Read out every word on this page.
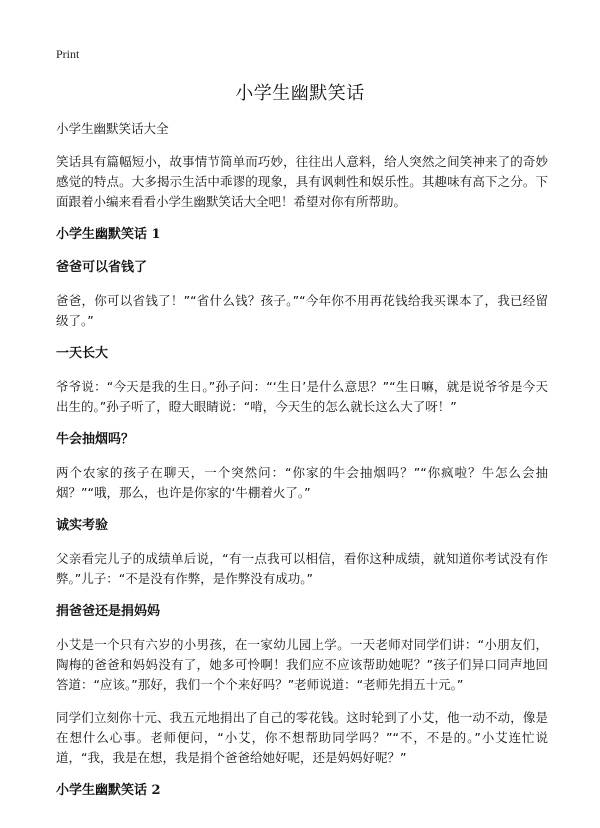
Print
小学生幽默笑话

小学生幽默笑话大全

笑话具有篇幅短小，故事情节简单而巧妙，往往出人意料，给人突然之间笑神来了的奇妙感觉的特点。大多揭示生活中乖谬的现象，具有讽刺性和娱乐性。其趣味有高下之分。下面跟着小编来看看小学生幽默笑话大全吧！希望对你有所帮助。

小学生幽默笑话 1

爸爸可以省钱了

爸爸，你可以省钱了！”“省什么钱？孩子。”“今年你不用再花钱给我买课本了，我已经留级了。”

一天长大

爷爷说：“今天是我的生日。”孙子问：“‘生日’是什么意思？”“生日嘛，就是说爷爷是今天出生的。”孙子听了，瞪大眼睛说：“啃，今天生的怎么就长这么大了呀！”

牛会抽烟吗？

两个农家的孩子在聊天，一个突然问：“你家的牛会抽烟吗？”“你疯啦？牛怎么会抽烟？”“哦，那么，也许是你家的‘牛棚着火了。”

诚实考验

父亲看完儿子的成绩单后说，“有一点我可以相信，看你这种成绩，就知道你考试没有作弊。”儿子：“不是没有作弊，是作弊没有成功。”

捐爸爸还是捐妈妈

小艾是一个只有六岁的小男孩，在一家幼儿园上学。一天老师对同学们讲：“小朋友们，陶梅的爸爸和妈妈没有了，她多可怜啊！我们应不应该帮助她呢？”孩子们异口同声地回答道：“应该。”那好，我们一个个来好吗？”老师说道：“老师先捐五十元。”

同学们立刻你十元、我五元地捐出了自己的零花钱。这时轮到了小艾，他一动不动，像是在想什么心事。老师便问，“小艾，你不想帮助同学吗？”“不，不是的。”小艾连忙说道，“我，我是在想，我是捐个爸爸给她好呢，还是妈妈好呢？”

小学生幽默笑话 2
